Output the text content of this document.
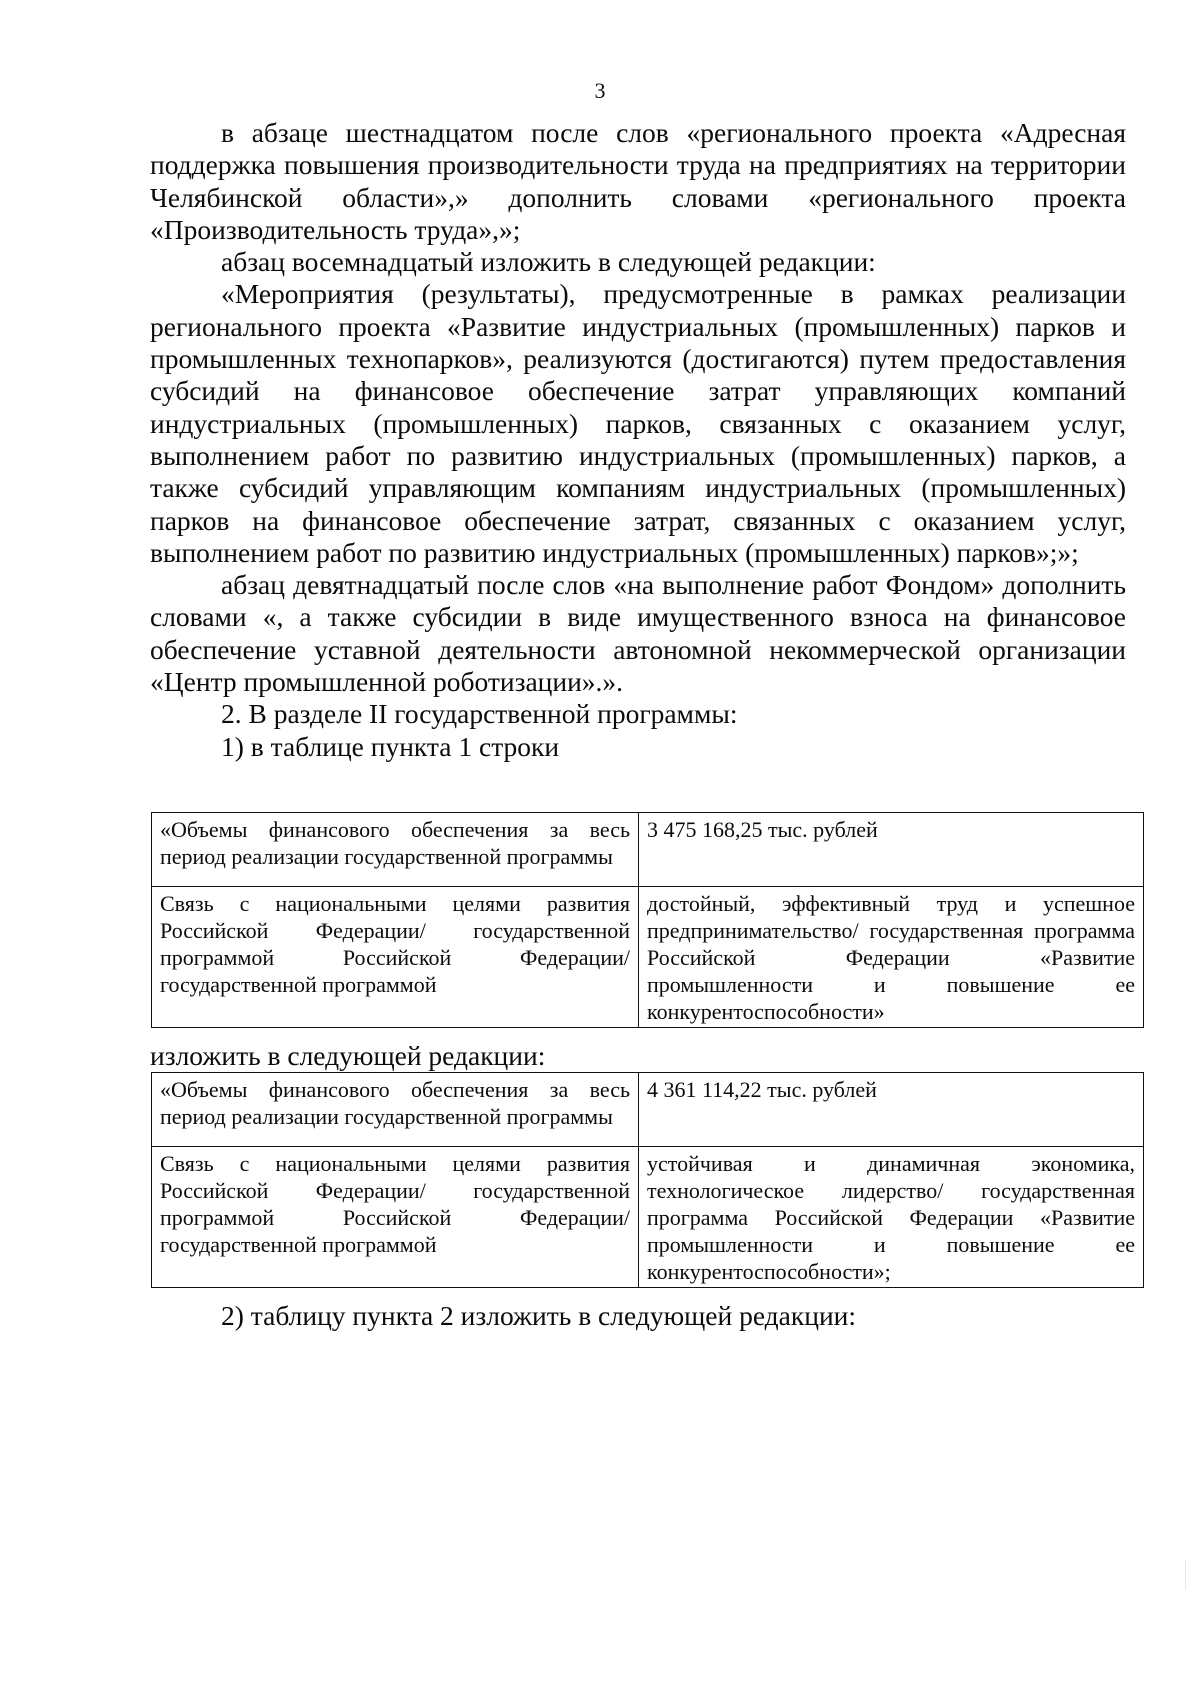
3

в абзаце шестнадцатом после слов «регионального проекта «Адресная поддержка повышения производительности труда на предприятиях на территории Челябинской области»,» дополнить словами «регионального проекта «Производительность труда»,»;

абзац восемнадцатый изложить в следующей редакции:

«Мероприятия (результаты), предусмотренные в рамках реализации регионального проекта «Развитие индустриальных (промышленных) парков и промышленных технопарков», реализуются (достигаются) путем предоставления субсидий на финансовое обеспечение затрат управляющих компаний индустриальных (промышленных) парков, связанных с оказанием услуг, выполнением работ по развитию индустриальных (промышленных) парков, а также субсидий управляющим компаниям индустриальных (промышленных) парков на финансовое обеспечение затрат, связанных с оказанием услуг, выполнением работ по развитию индустриальных (промышленных) парков»;»;

абзац девятнадцатый после слов «на выполнение работ Фондом» дополнить словами «, а также субсидии в виде имущественного взноса на финансовое обеспечение уставной деятельности автономной некоммерческой организации «Центр промышленной роботизации».».

2. В разделе II государственной программы:

1) в таблице пункта 1 строки

«Объемы финансового обеспечения за весь период реализации государственной программы	3 475 168,25 тыс. рублей

Связь с национальными целями развития Российской Федерации/ государственной программой Российской Федерации/государственной программой	достойный, эффективный труд и успешное предпринимательство/ государственная программа Российской Федерации «Развитие промышленности и повышение ее конкурентоспособности»

изложить в следующей редакции:

«Объемы финансового обеспечения за весь период реализации государственной программы	4 361 114,22 тыс. рублей

Связь с национальными целями развития Российской Федерации/ государственной программой Российской Федерации/государственной программой	устойчивая и динамичная экономика, технологическое лидерство/ государственная программа Российской Федерации «Развитие промышленности и повышение ее конкурентоспособности»;

2) таблицу пункта 2 изложить в следующей редакции:
